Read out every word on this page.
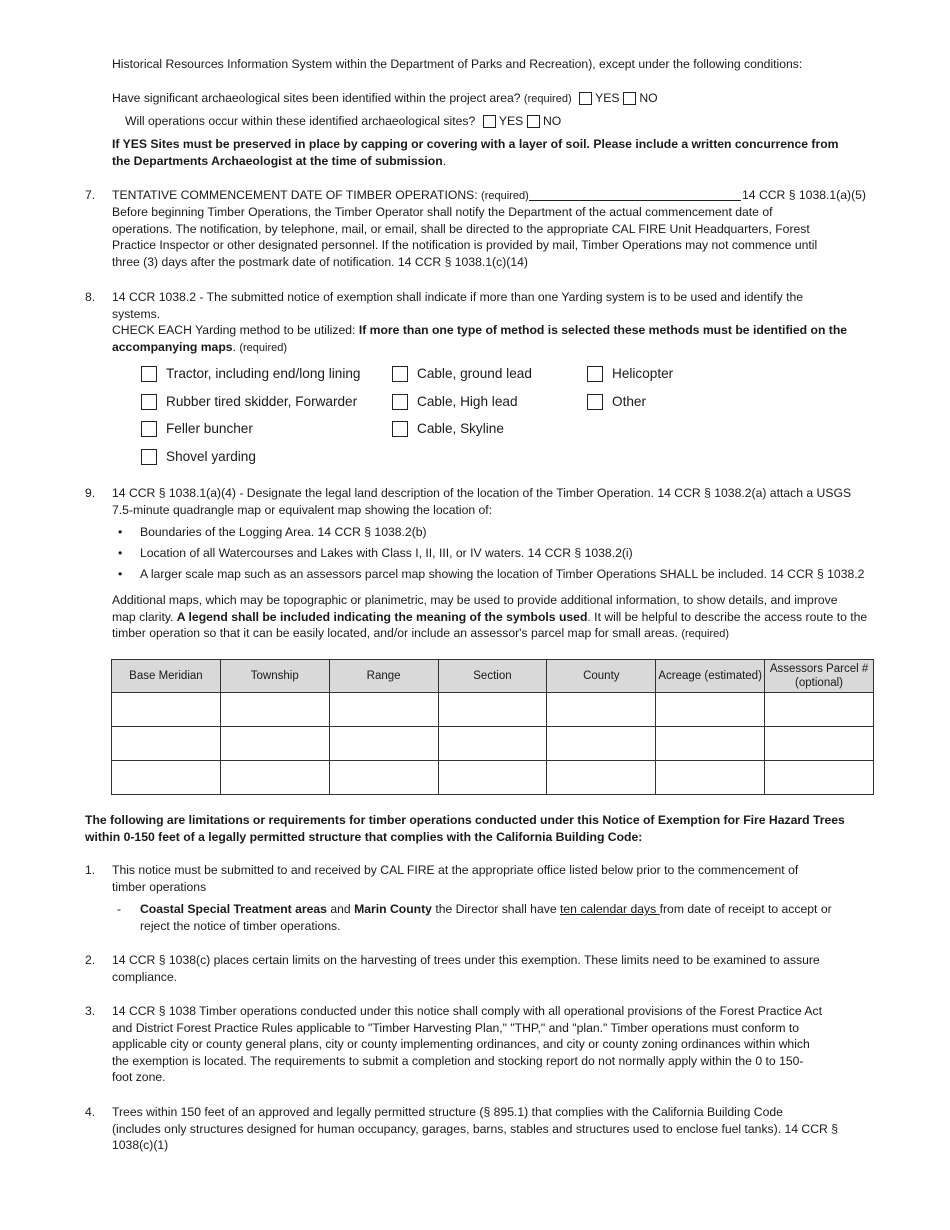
Historical Resources Information System within the Department of Parks and Recreation), except under the following conditions:
Have significant archaeological sites been identified within the project area? (required) YES NO
Will operations occur within these identified archaeological sites? YES NO
If YES Sites must be preserved in place by capping or covering with a layer of soil. Please include a written concurrence from the Departments Archaeologist at the time of submission.
7. TENTATIVE COMMENCEMENT DATE OF TIMBER OPERATIONS: (required)	14 CCR § 1038.1(a)(5)
Before beginning Timber Operations, the Timber Operator shall notify the Department of the actual commencement date of
operations. The notification, by telephone, mail, or email, shall be directed to the appropriate CAL FIRE Unit Headquarters, Forest
Practice Inspector or other designated personnel. If the notification is provided by mail, Timber Operations may not commence until
three (3) days after the postmark date of notification. 14 CCR § 1038.1(c)(14)
8. 14 CCR 1038.2 - The submitted notice of exemption shall indicate if more than one Yarding system is to be used and identify the
systems.
CHECK EACH Yarding method to be utilized: If more than one type of method is selected these methods must be identified on the
accompanying maps. (required)
Tractor, including end/long lining
Rubber tired skidder, Forwarder
Feller buncher
Shovel yarding
Cable, ground lead
Cable, High lead
Cable, Skyline
Helicopter
Other
9. 14 CCR § 1038.1(a)(4) - Designate the legal land description of the location of the Timber Operation. 14 CCR § 1038.2(a) attach a USGS
7.5-minute quadrangle map or equivalent map showing the location of:
• Boundaries of the Logging Area. 14 CCR § 1038.2(b)
• Location of all Watercourses and Lakes with Class I, II, III, or IV waters. 14 CCR § 1038.2(i)
• A larger scale map such as an assessors parcel map showing the location of Timber Operations SHALL be included. 14 CCR § 1038.2
Additional maps, which may be topographic or planimetric, may be used to provide additional information, to show details, and improve
map clarity. A legend shall be included indicating the meaning of the symbols used. It will be helpful to describe the access route to the
timber operation so that it can be easily located, and/or include an assessor's parcel map for small areas. (required)
Base Meridian	Township	Range	Section	County	Acreage (estimated)	Assessors Parcel # (optional)

The following are limitations or requirements for timber operations conducted under this Notice of Exemption for Fire Hazard Trees
within 0-150 feet of a legally permitted structure that complies with the California Building Code:
1. This notice must be submitted to and received by CAL FIRE at the appropriate office listed below prior to the commencement of
timber operations
- Coastal Special Treatment areas and Marin County the Director shall have ten calendar days from date of receipt to accept or
reject the notice of timber operations.
2. 14 CCR § 1038(c) places certain limits on the harvesting of trees under this exemption. These limits need to be examined to assure
compliance.
3. 14 CCR § 1038 Timber operations conducted under this notice shall comply with all operational provisions of the Forest Practice Act
and District Forest Practice Rules applicable to "Timber Harvesting Plan," "THP," and "plan." Timber operations must conform to
applicable city or county general plans, city or county implementing ordinances, and city or county zoning ordinances within which
the exemption is located. The requirements to submit a completion and stocking report do not normally apply within the 0 to 150-
foot zone.
4. Trees within 150 feet of an approved and legally permitted structure (§ 895.1) that complies with the California Building Code
(includes only structures designed for human occupancy, garages, barns, stables and structures used to enclose fuel tanks). 14 CCR §
1038(c)(1)
